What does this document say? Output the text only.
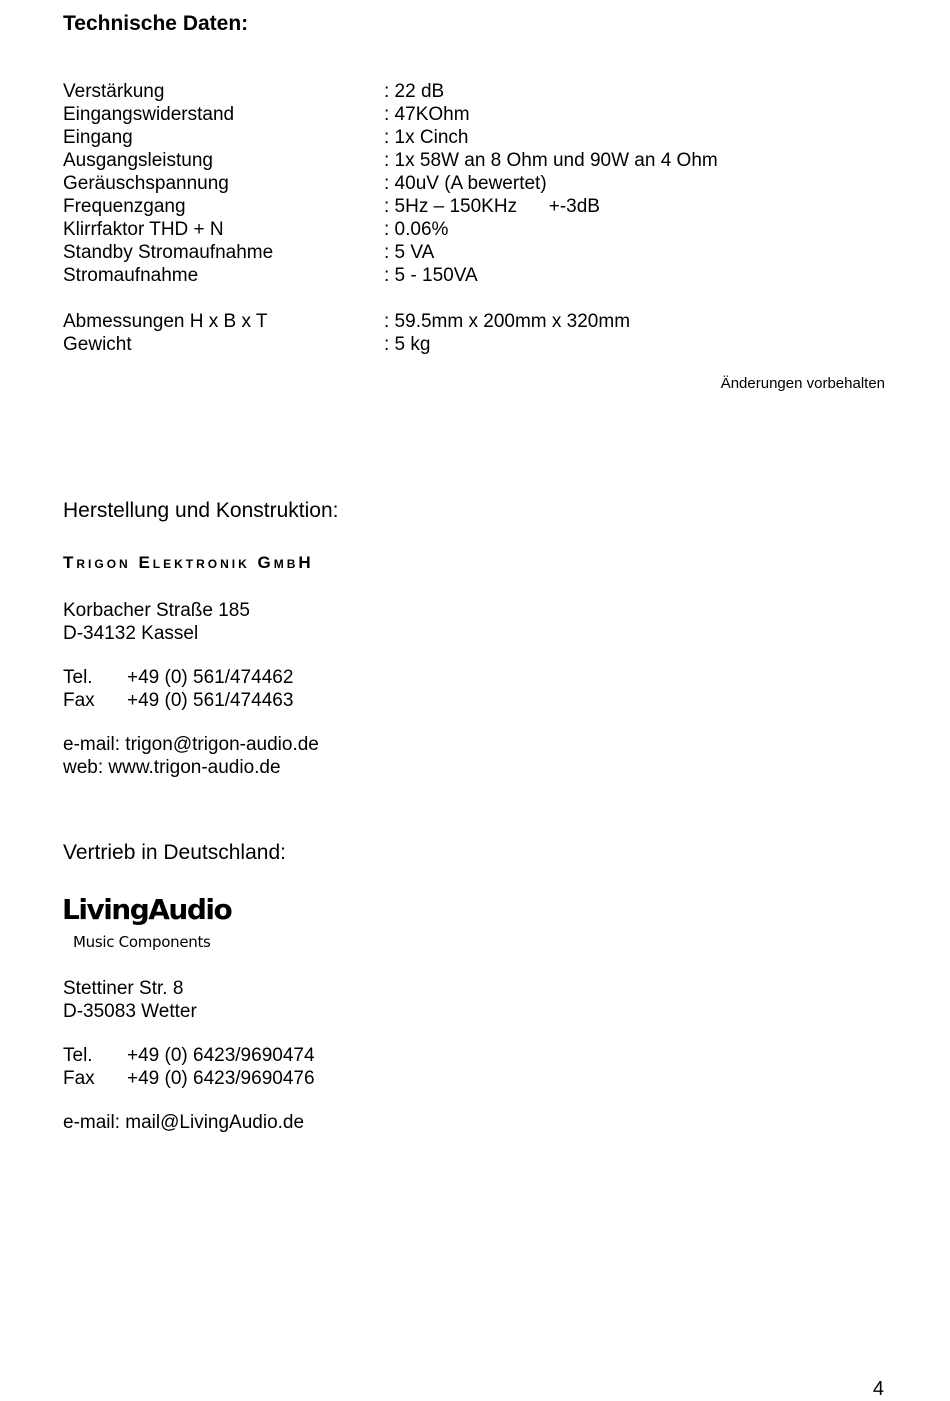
Technische Daten:
Verstärkung	: 22 dB
Eingangswiderstand	: 47KOhm
Eingang	: 1x Cinch
Ausgangsleistung	: 1x 58W an 8 Ohm und 90W an 4 Ohm
Geräuschspannung	: 40uV (A bewertet)
Frequenzgang	: 5Hz – 150KHz      +-3dB
Klirrfaktor THD + N	: 0.06%
Standby Stromaufnahme	: 5 VA
Stromaufnahme	: 5 - 150VA
Abmessungen H x B x T	: 59.5mm x 200mm x 320mm
Gewicht	: 5 kg
Änderungen vorbehalten
Herstellung und Konstruktion:
Trigon Elektronik GmbH
Korbacher Straße 185
D-34132 Kassel
Tel. +49 (0) 561/474462
Fax +49 (0) 561/474463
e-mail: trigon@trigon-audio.de
web: www.trigon-audio.de
Vertrieb in Deutschland:
LivingAudio
Music Components
Stettiner Str. 8
D-35083 Wetter
Tel. +49 (0) 6423/9690474
Fax +49 (0) 6423/9690476
e-mail: mail@LivingAudio.de
4
